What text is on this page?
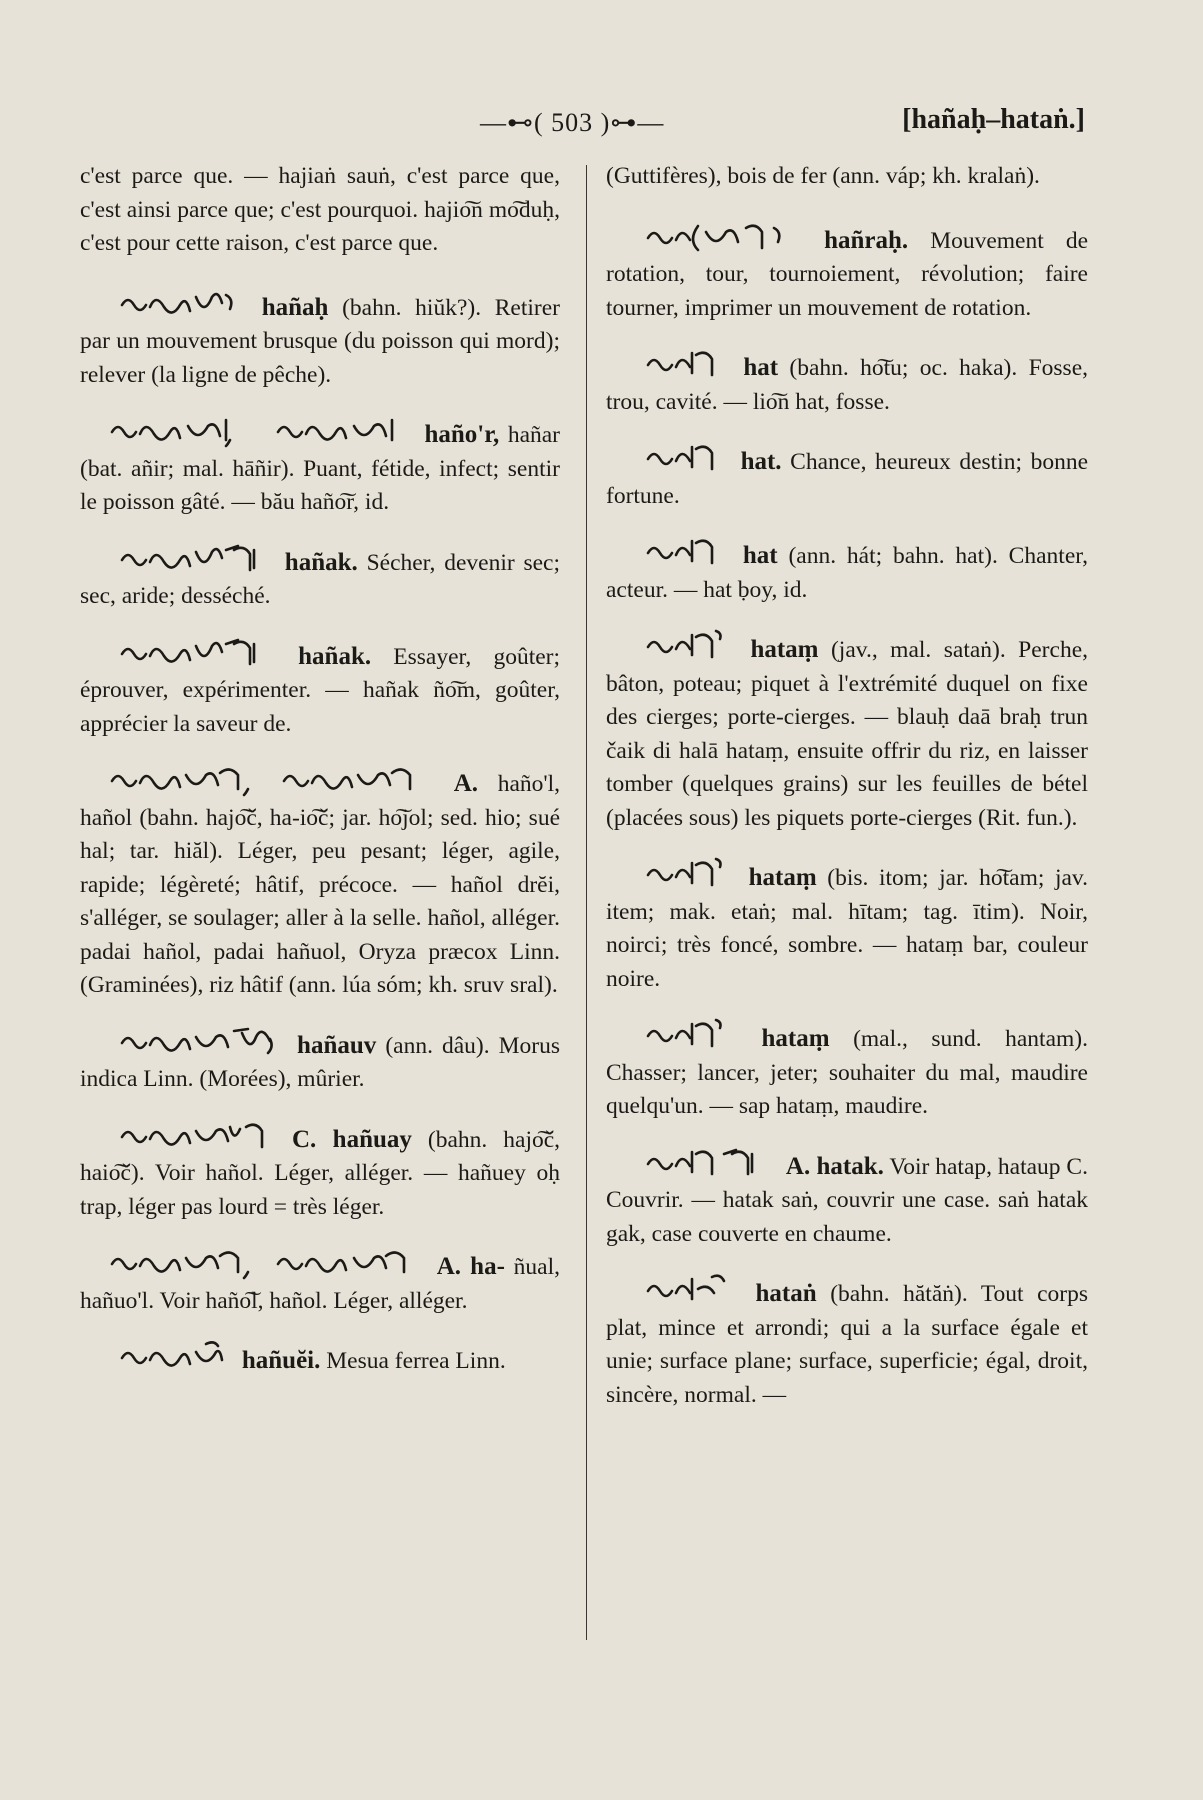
—⊷( 503 )⊶—	[hañaḥ–hataṅ.]

c'est parce que. — hajiaṅ sauṅ, c'est parce que, c'est ainsi parce que; c'est pourquoi. hajio͠n mo͠duḥ, c'est pour cette raison, c'est parce que.

hañaḥ (bahn. hiŭk?). Retirer par un mouvement brusque (du poisson qui mord); relever (la ligne de pêche).

haño'r, hañar (bat. añir; mal. hāñir). Puant, fétide, infect; sentir le poisson gâté. — bău haño͠r, id.

hañak. Sécher, devenir sec; sec, aride; desséché.

hañak. Essayer, goûter; éprouver, expérimenter. — hañak ño͠m, goûter, apprécier la saveur de.

A. haño'l, hañol (bahn. hajo͠č, ha-io͠č; jar. ho͠jol; sed. hio; sué hal; tar. hiăl). Léger, peu pesant; léger, agile, rapide; légèreté; hâtif, précoce. — hañol drĕi, s'alléger, se soulager; aller à la selle. hañol, alléger. padai hañol, padai hañuol, Oryza præcox Linn. (Graminées), riz hâtif (ann. lúa sóm; kh. sruv sral).

hañauv (ann. dâu). Morus indica Linn. (Morées), mûrier.

C. hañuay (bahn. hajo͠č, haio͠č). Voir hañol. Léger, alléger. — hañuey oḥ trap, léger pas lourd = très léger.

A. ha- ñual, hañuo'l. Voir haño͠l, hañol. Léger, alléger.

hañuĕi. Mesua ferrea Linn.

(Guttifères), bois de fer (ann. váp; kh. kralaṅ).

hañraḥ. Mouvement de rotation, tour, tournoiement, révolution; faire tourner, imprimer un mouvement de rotation.

hat (bahn. ho͠tu; oc. haka). Fosse, trou, cavité. — lio͠n hat, fosse.

hat. Chance, heureux destin; bonne fortune.

hat (ann. hát; bahn. hat). Chanter, acteur. — hat ḅoy, id.

hataṃ (jav., mal. sataṅ). Perche, bâton, poteau; piquet à l'extrémité duquel on fixe des cierges; porte-cierges. — blauḥ daā braḥ trun čaik di halā hataṃ, ensuite offrir du riz, en laisser tomber (quelques grains) sur les feuilles de bétel (placées sous) les piquets porte-cierges (Rit. fun.).

hataṃ (bis. itom; jar. ho͠tam; jav. item; mak. etaṅ; mal. hītam; tag. ītim). Noir, noirci; très foncé, sombre. — hataṃ bar, couleur noire.

hataṃ (mal., sund. hantam). Chasser; lancer, jeter; souhaiter du mal, maudire quelqu'un. — sap hataṃ, maudire.

A. hatak. Voir hatap, hataup C. Couvrir. — hatak saṅ, couvrir une case. saṅ hatak gak, case couverte en chaume.

hataṅ (bahn. hătăṅ). Tout corps plat, mince et arrondi; qui a la surface égale et unie; surface plane; surface, superficie; égal, droit, sincère, normal. —
